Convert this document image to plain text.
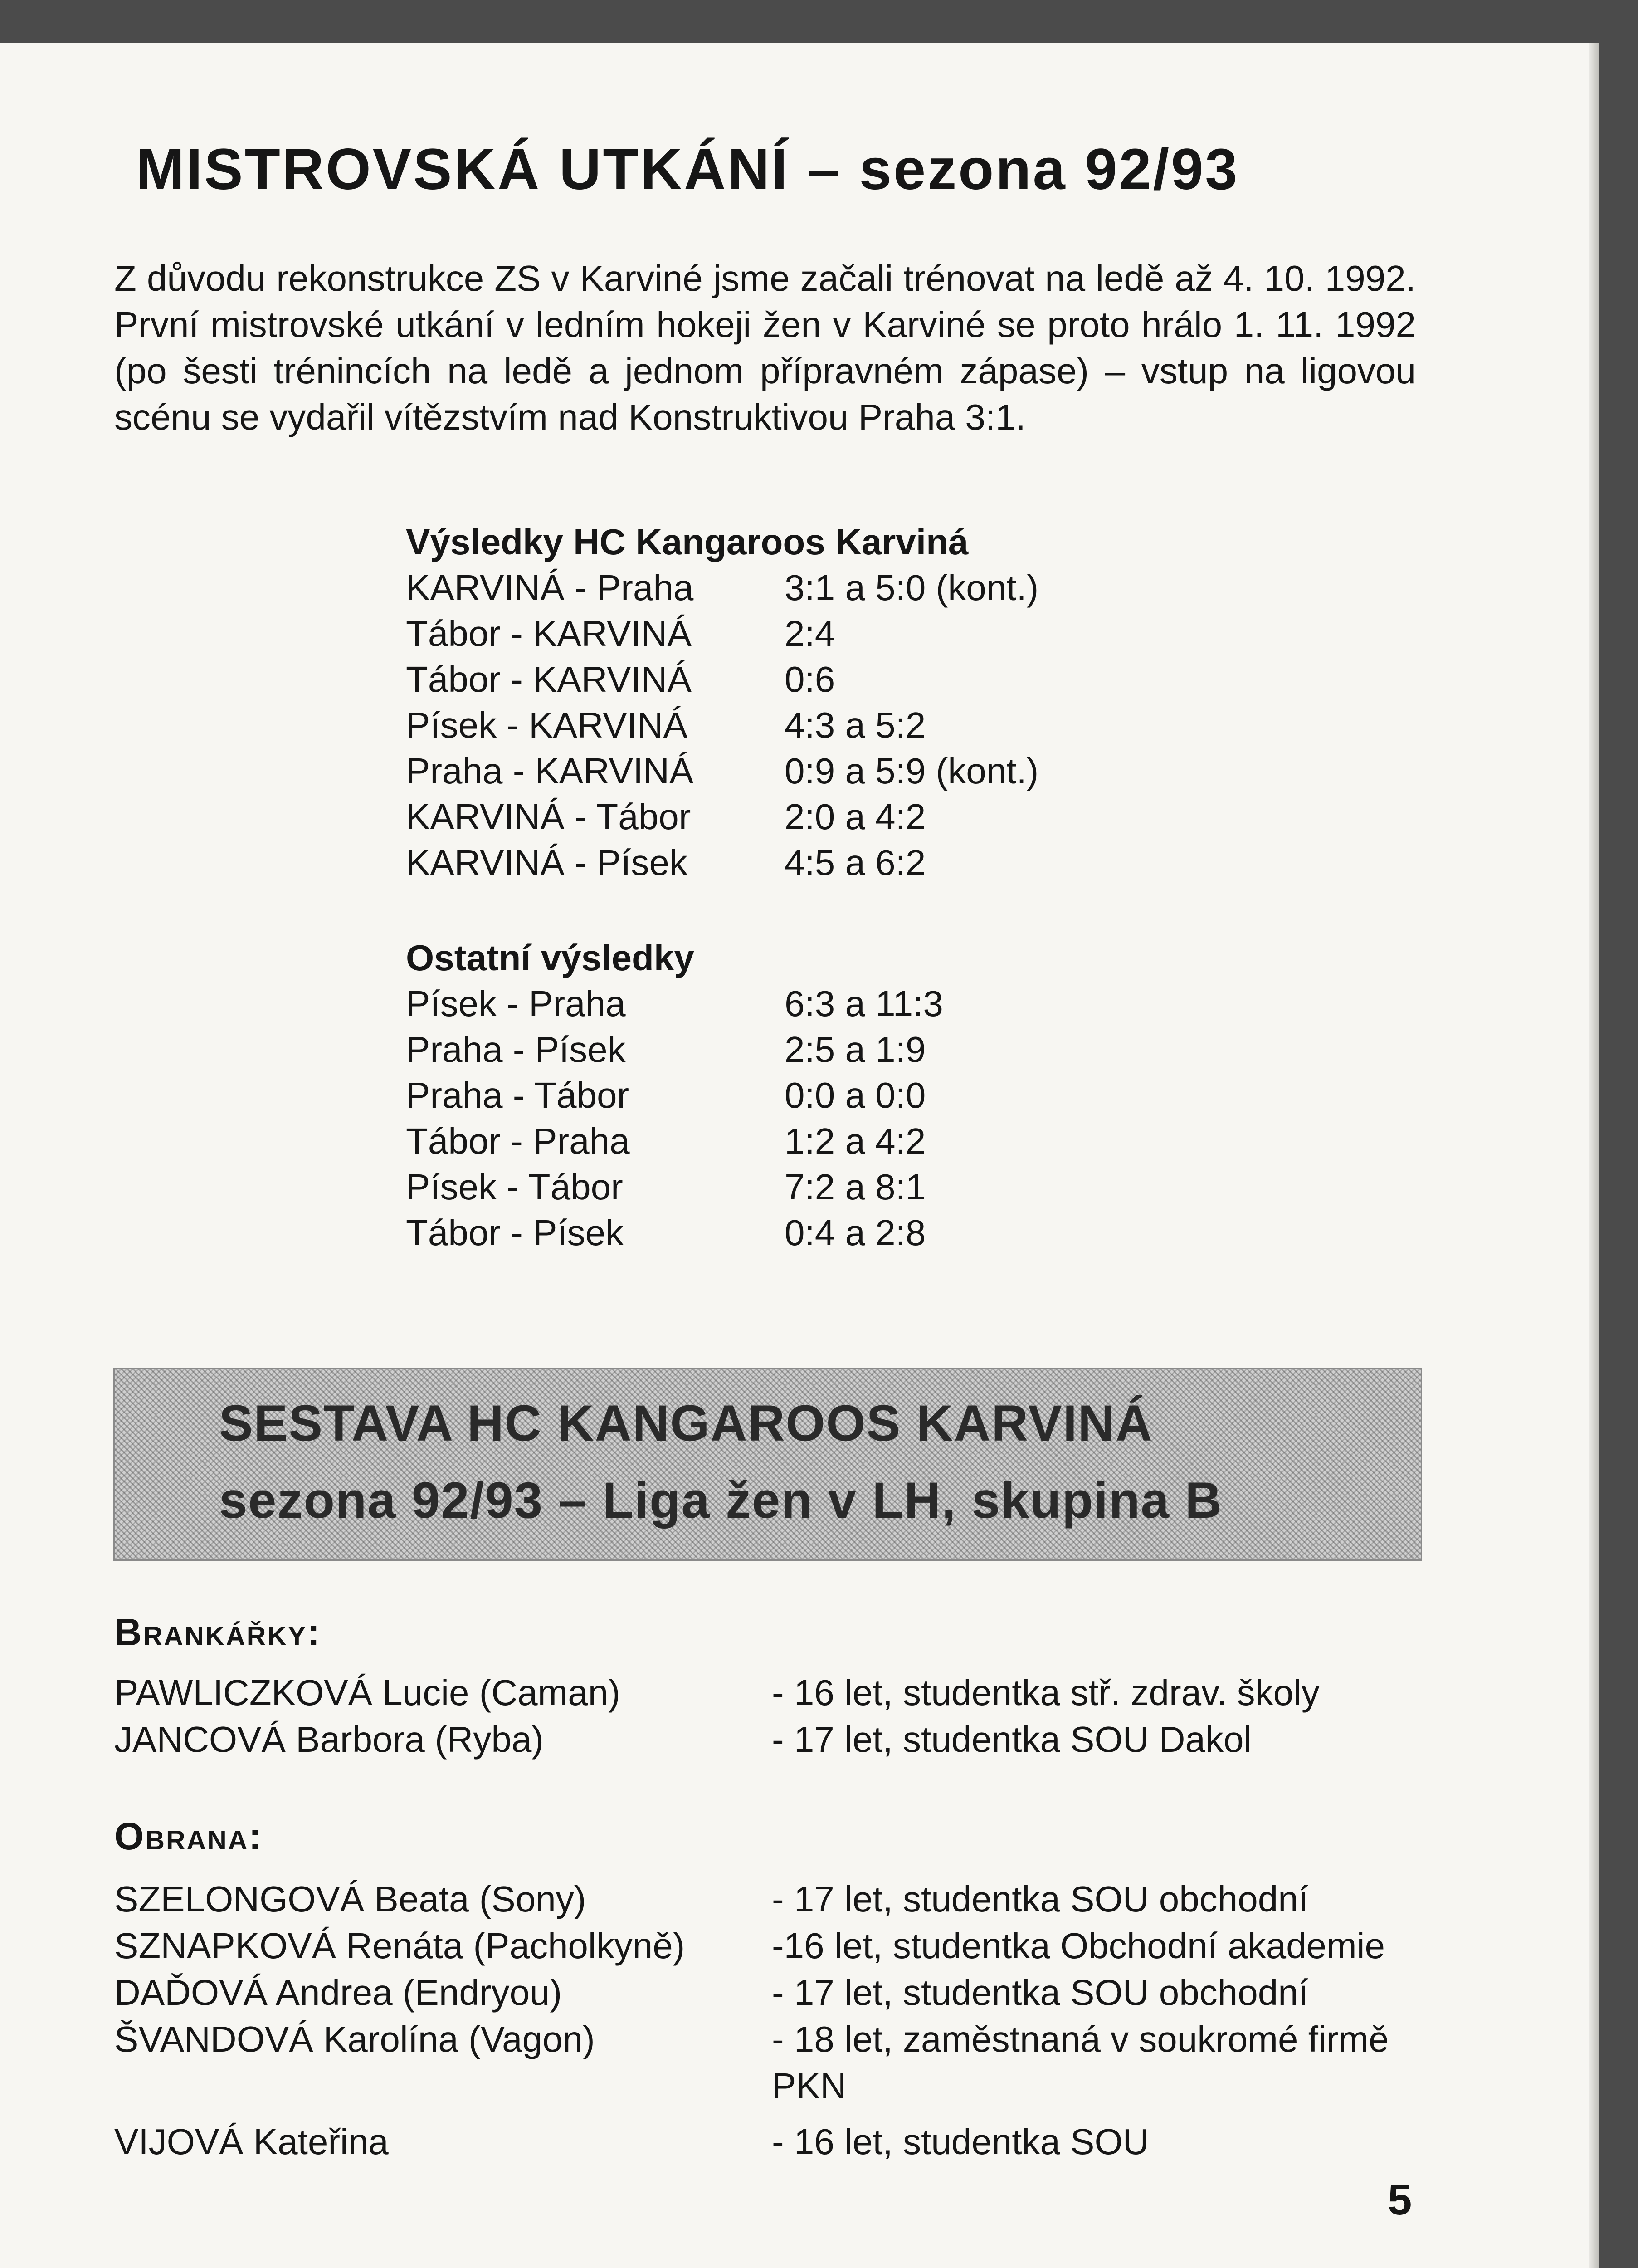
MISTROVSKÁ UTKÁNÍ – sezona 92/93

Z důvodu rekonstrukce ZS v Karviné jsme začali trénovat na ledě až 4. 10. 1992. První mistrovské utkání v ledním hokeji žen v Karviné se proto hrálo 1. 11. 1992 (po šesti trénincích na ledě a jednom přípravném zápase) – vstup na ligovou scénu se vydařil vítězstvím nad Konstruktivou Praha 3:1.

Výsledky HC Kangaroos Karviná
KARVINÁ - Praha	3:1 a 5:0 (kont.)
Tábor - KARVINÁ	2:4
Tábor - KARVINÁ	0:6
Písek - KARVINÁ	4:3 a 5:2
Praha - KARVINÁ	0:9 a 5:9 (kont.)
KARVINÁ - Tábor	2:0 a 4:2
KARVINÁ - Písek	4:5 a 6:2
Ostatní výsledky
Písek - Praha	6:3 a 11:3
Praha - Písek	2:5 a 1:9
Praha - Tábor	0:0 a 0:0
Tábor - Praha	1:2 a 4:2
Písek - Tábor	7:2 a 8:1
Tábor - Písek	0:4 a 2:8
SESTAVA HC KANGAROOS KARVINÁ
sezona 92/93 – Liga žen v LH, skupina B
Brankářky:
PAWLICZKOVÁ Lucie (Caman)	- 16 let, studentka stř. zdrav. školy
JANCOVÁ Barbora (Ryba)	- 17 let, studentka SOU Dakol
Obrana:
SZELONGOVÁ Beata (Sony)	- 17 let, studentka SOU obchodní
SZNAPKOVÁ Renáta (Pacholkyně)	-16 let, studentka Obchodní akademie
DAĎOVÁ Andrea (Endryou)	- 17 let, studentka SOU obchodní
ŠVANDOVÁ Karolína (Vagon)	- 18 let, zaměstnaná v soukromé firmě PKN
VIJOVÁ Kateřina	- 16 let, studentka SOU
5
